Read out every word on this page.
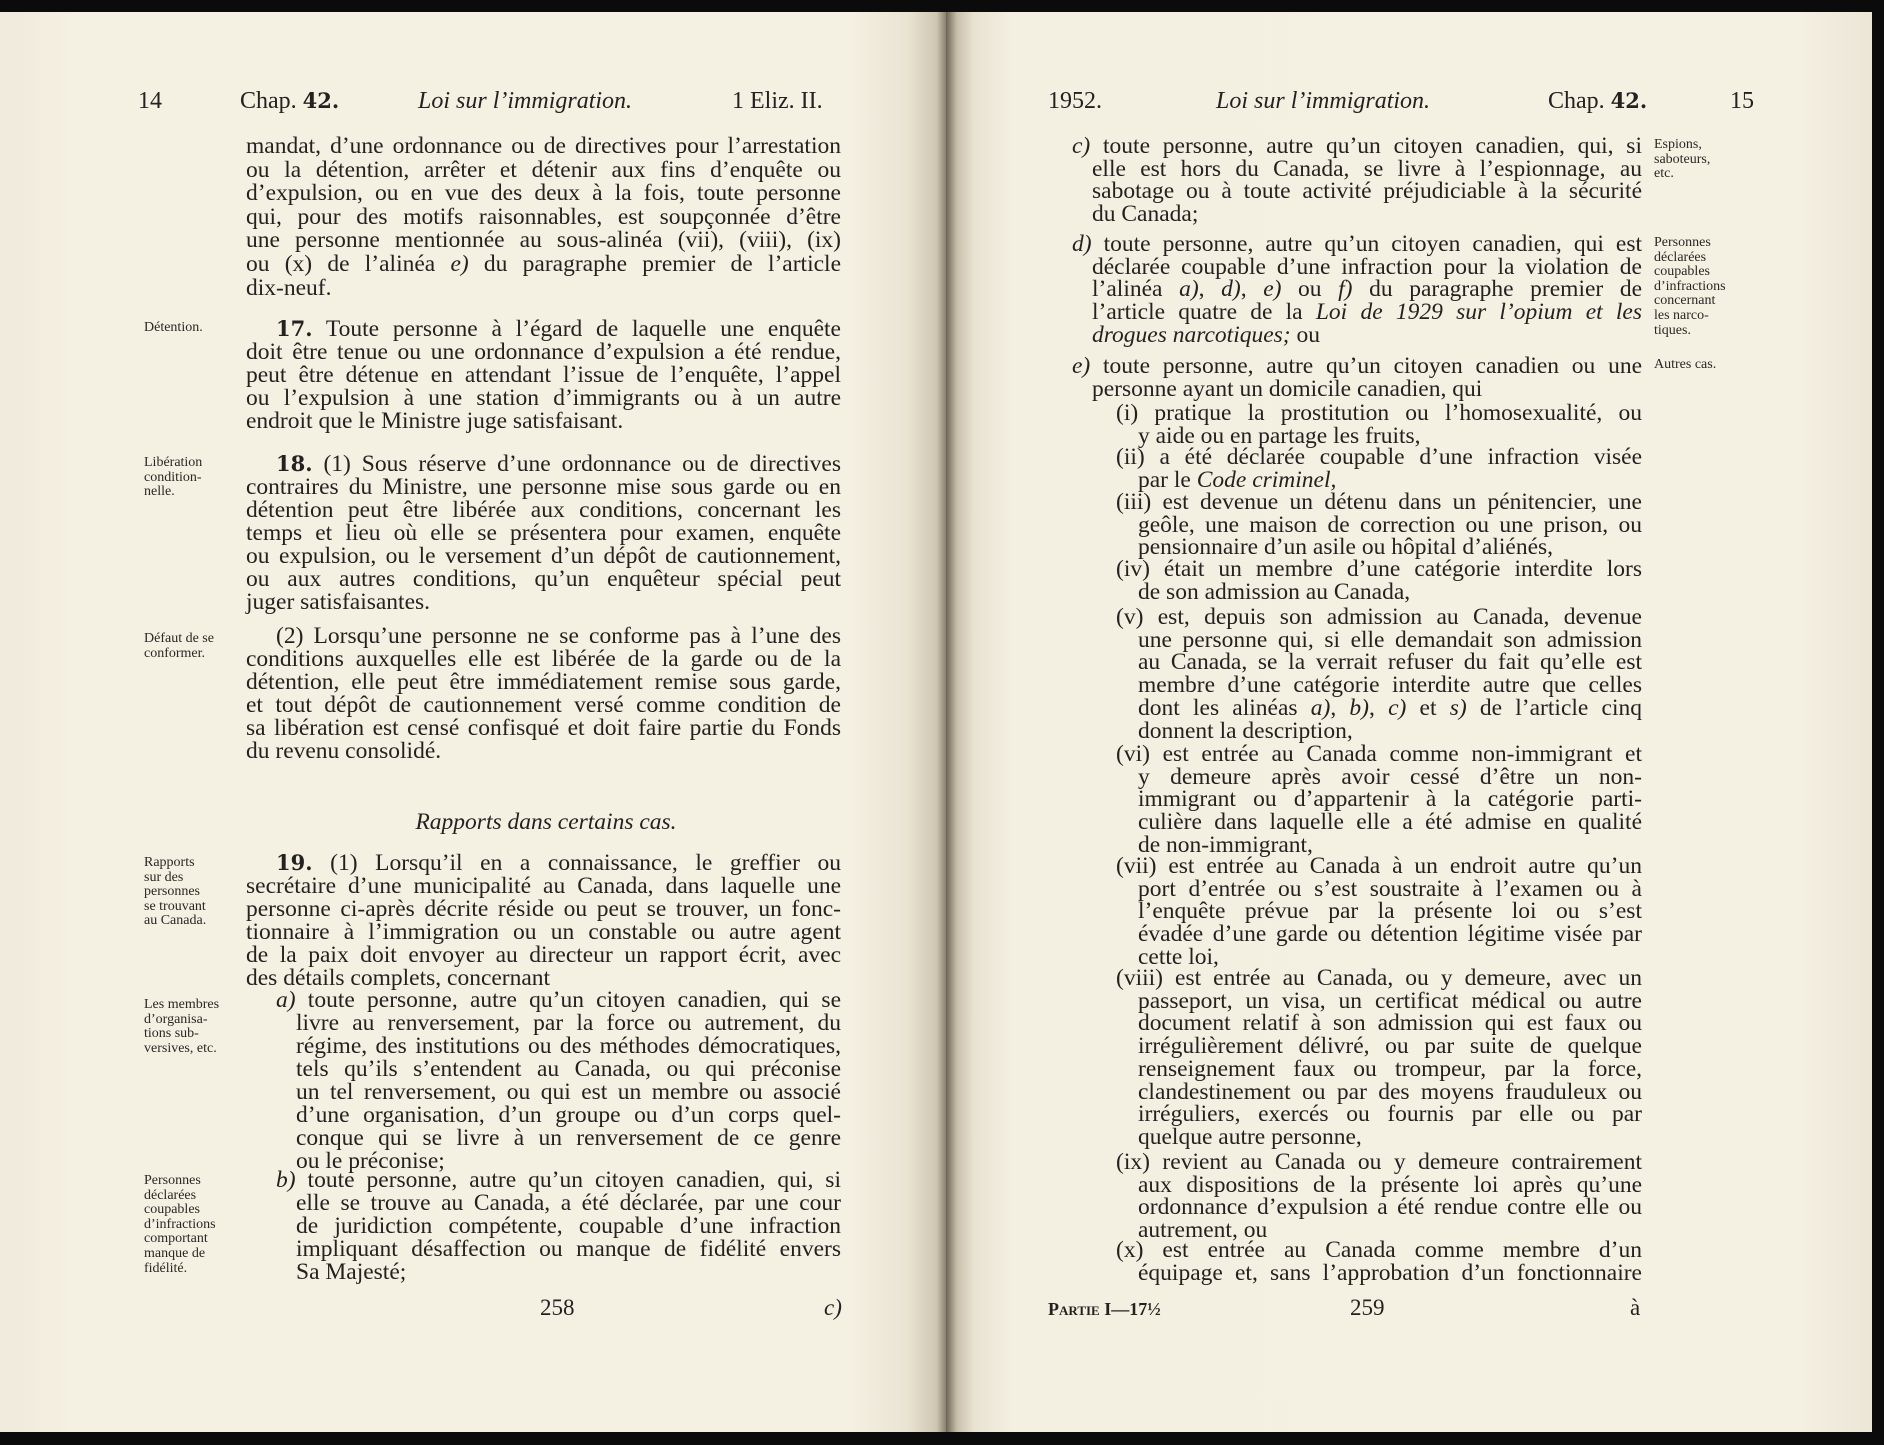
14	Chap. 42.	Loi sur l’immigration.	1 Eliz. II.
mandat, d’une ordonnance ou de directives pour l’arrestation
ou la détention, arrêter et détenir aux fins d’enquête ou
d’expulsion, ou en vue des deux à la fois, toute personne
qui, pour des motifs raisonnables, est soupçonnée d’être
une personne mentionnée au sous-alinéa (vii), (viii), (ix)
ou (x) de l’alinéa e) du paragraphe premier de l’article
dix-neuf.
17. Toute personne à l’égard de laquelle une enquête
doit être tenue ou une ordonnance d’expulsion a été rendue,
peut être détenue en attendant l’issue de l’enquête, l’appel
ou l’expulsion à une station d’immigrants ou à un autre
endroit que le Ministre juge satisfaisant.
18. (1) Sous réserve d’une ordonnance ou de directives
contraires du Ministre, une personne mise sous garde ou en
détention peut être libérée aux conditions, concernant les
temps et lieu où elle se présentera pour examen, enquête
ou expulsion, ou le versement d’un dépôt de cautionnement,
ou aux autres conditions, qu’un enquêteur spécial peut
juger satisfaisantes.
(2) Lorsqu’une personne ne se conforme pas à l’une des
conditions auxquelles elle est libérée de la garde ou de la
détention, elle peut être immédiatement remise sous garde,
et tout dépôt de cautionnement versé comme condition de
sa libération est censé confisqué et doit faire partie du Fonds
du revenu consolidé.
Rapports dans certains cas.
19. (1) Lorsqu’il en a connaissance, le greffier ou
secrétaire d’une municipalité au Canada, dans laquelle une
personne ci-après décrite réside ou peut se trouver, un fonc-
tionnaire à l’immigration ou un constable ou autre agent
de la paix doit envoyer au directeur un rapport écrit, avec
des détails complets, concernant
a) toute personne, autre qu’un citoyen canadien, qui se
livre au renversement, par la force ou autrement, du
régime, des institutions ou des méthodes démocratiques,
tels qu’ils s’entendent au Canada, ou qui préconise
un tel renversement, ou qui est un membre ou associé
d’une organisation, d’un groupe ou d’un corps quel-
conque qui se livre à un renversement de ce genre
ou le préconise;
b) toute personne, autre qu’un citoyen canadien, qui, si
elle se trouve au Canada, a été déclarée, par une cour
de juridiction compétente, coupable d’une infraction
impliquant désaffection ou manque de fidélité envers
Sa Majesté;
Détention.
Libération
condition-
nelle.
Défaut de se
conformer.
Rapports
sur des
personnes
se trouvant
au Canada.
Les membres
d’organisa-
tions sub-
versives, etc.
Personnes
déclarées
coupables
d’infractions
comportant
manque de
fidélité.
258	c)
1952.	Loi sur l’immigration.	Chap. 42.	15
c) toute personne, autre qu’un citoyen canadien, qui, si
elle est hors du Canada, se livre à l’espionnage, au
sabotage ou à toute activité préjudiciable à la sécurité
du Canada;
d) toute personne, autre qu’un citoyen canadien, qui est
déclarée coupable d’une infraction pour la violation de
l’alinéa a), d), e) ou f) du paragraphe premier de
l’article quatre de la Loi de 1929 sur l’opium et les
drogues narcotiques; ou
e) toute personne, autre qu’un citoyen canadien ou une
personne ayant un domicile canadien, qui
(i) pratique la prostitution ou l’homosexualité, ou
y aide ou en partage les fruits,
(ii) a été déclarée coupable d’une infraction visée
par le Code criminel,
(iii) est devenue un détenu dans un pénitencier, une
geôle, une maison de correction ou une prison, ou
pensionnaire d’un asile ou hôpital d’aliénés,
(iv) était un membre d’une catégorie interdite lors
de son admission au Canada,
(v) est, depuis son admission au Canada, devenue
une personne qui, si elle demandait son admission
au Canada, se la verrait refuser du fait qu’elle est
membre d’une catégorie interdite autre que celles
dont les alinéas a), b), c) et s) de l’article cinq
donnent la description,
(vi) est entrée au Canada comme non-immigrant et
y demeure après avoir cessé d’être un non-
immigrant ou d’appartenir à la catégorie parti-
culière dans laquelle elle a été admise en qualité
de non-immigrant,
(vii) est entrée au Canada à un endroit autre qu’un
port d’entrée ou s’est soustraite à l’examen ou à
l’enquête prévue par la présente loi ou s’est
évadée d’une garde ou détention légitime visée par
cette loi,
(viii) est entrée au Canada, ou y demeure, avec un
passeport, un visa, un certificat médical ou autre
document relatif à son admission qui est faux ou
irrégulièrement délivré, ou par suite de quelque
renseignement faux ou trompeur, par la force,
clandestinement ou par des moyens frauduleux ou
irréguliers, exercés ou fournis par elle ou par
quelque autre personne,
(ix) revient au Canada ou y demeure contrairement
aux dispositions de la présente loi après qu’une
ordonnance d’expulsion a été rendue contre elle ou
autrement, ou
(x) est entrée au Canada comme membre d’un
équipage et, sans l’approbation d’un fonctionnaire
Espions,
saboteurs,
etc.
Personnes
déclarées
coupables
d’infractions
concernant
les narco-
tiques.
Autres cas.
Partie I—17½	259	à
